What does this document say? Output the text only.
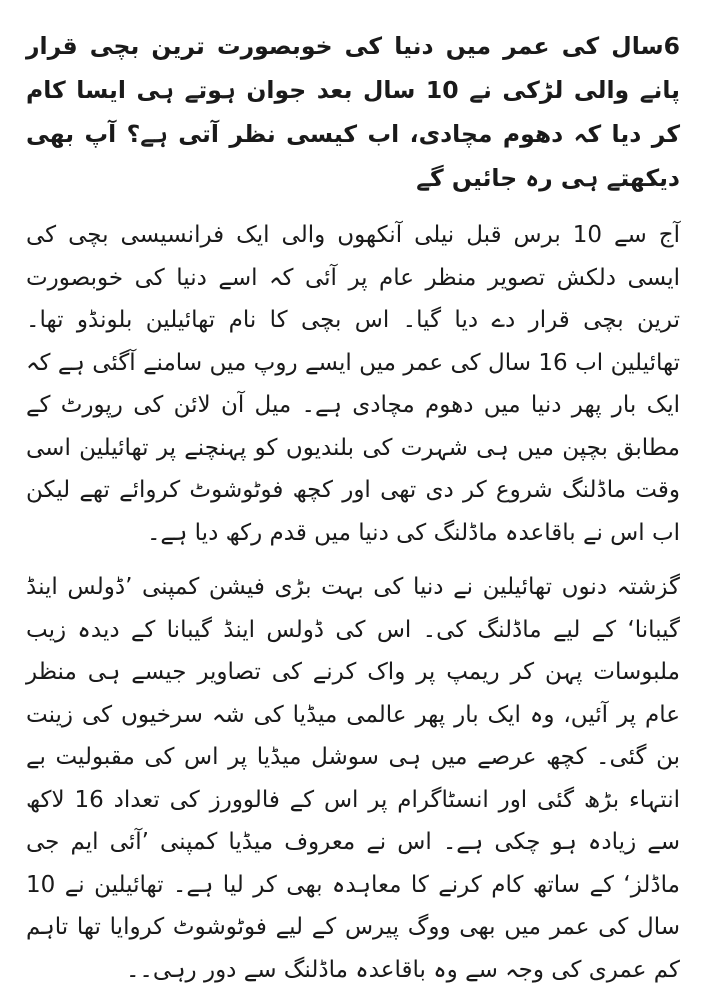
6سال کی عمر میں دنیا کی خوبصورت ترین بچی قرار پانے والی لڑکی نے 10 سال بعد جوان ہوتے ہی ایسا کام کر دیا کہ دھوم مچادی، اب کیسی نظر آتی ہے؟ آپ بھی دیکھتے ہی رہ جائیں گے

آج سے 10 برس قبل نیلی آنکھوں والی ایک فرانسیسی بچی کی ایسی دلکش تصویر منظر عام پر آئی کہ اسے دنیا کی خوبصورت ترین بچی قرار دے دیا گیا۔ اس بچی کا نام تھائیلین بلونڈو تھا۔ تھائیلین اب 16 سال کی عمر میں ایسے روپ میں سامنے آگئی ہے کہ ایک بار پھر دنیا میں دھوم مچادی ہے۔ میل آن لائن کی رپورٹ کے مطابق بچپن میں ہی شہرت کی بلندیوں کو پہنچنے پر تھائیلین اسی وقت ماڈلنگ شروع کر دی تھی اور کچھ فوٹوشوٹ کروائے تھے لیکن اب اس نے باقاعدہ ماڈلنگ کی دنیا میں قدم رکھ دیا ہے۔

گزشتہ دنوں تھائیلین نے دنیا کی بہت بڑی فیشن کمپنی ’ڈولس اینڈ گیبانا‘ کے لیے ماڈلنگ کی۔ اس کی ڈولس اینڈ گیبانا کے دیدہ زیب ملبوسات پہن کر ریمپ پر واک کرنے کی تصاویر جیسے ہی منظر عام پر آئیں، وہ ایک بار پھر عالمی میڈیا کی شہ سرخیوں کی زینت بن گئی۔ کچھ عرصے میں ہی سوشل میڈیا پر اس کی مقبولیت بے انتہاء بڑھ گئی اور انسٹاگرام پر اس کے فالوورز کی تعداد 16 لاکھ سے زیادہ ہو چکی ہے۔ اس نے معروف میڈیا کمپنی ’آئی ایم جی ماڈلز‘ کے ساتھ کام کرنے کا معاہدہ بھی کر لیا ہے۔ تھائیلین نے 10 سال کی عمر میں بھی ووگ پیرس کے لیے فوٹوشوٹ کروایا تھا تاہم کم عمری کی وجہ سے وہ باقاعدہ ماڈلنگ سے دور رہی۔۔
